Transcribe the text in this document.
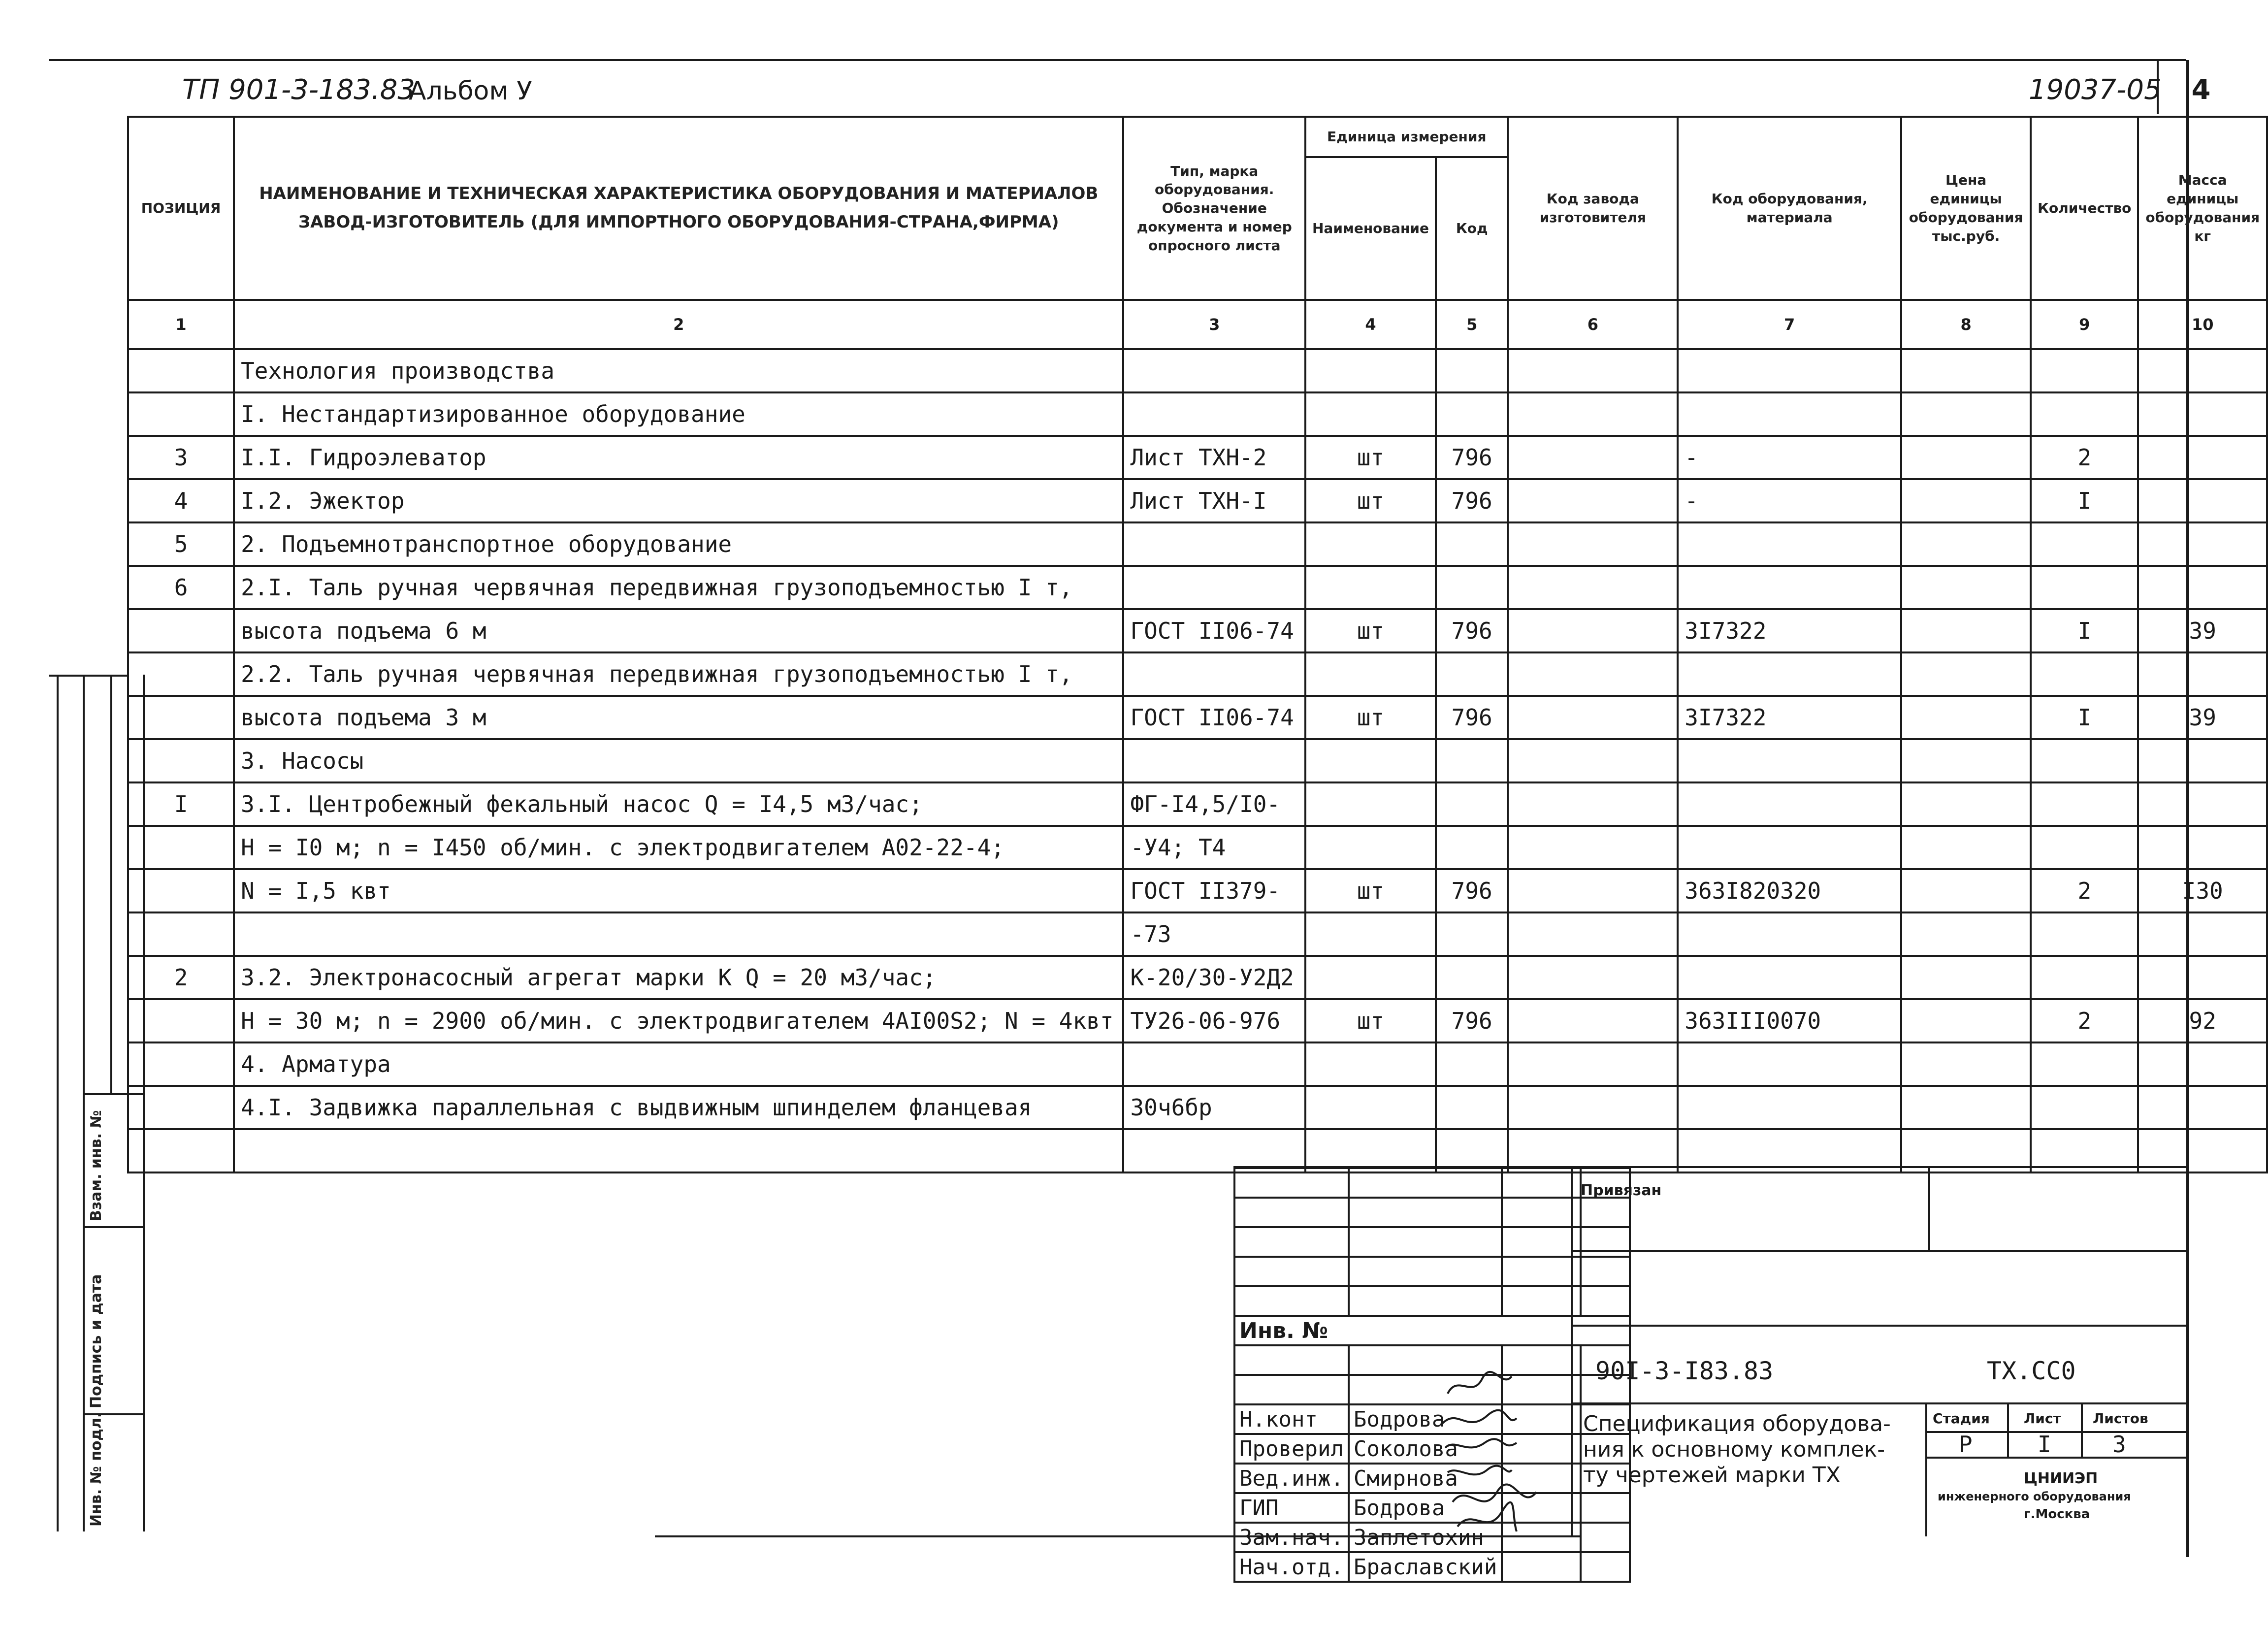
ТП 901-3-183.83
Альбом У	19037-05	4
ПОЗИЦИЯ	НАИМЕНОВАНИЕ И ТЕХНИЧЕСКАЯ ХАРАКТЕРИСТИКА ОБОРУДОВАНИЯ И МАТЕРИАЛОВ
ЗАВОД-ИЗГОТОВИТЕЛЬ (ДЛЯ ИМПОРТНОГО ОБОРУДОВАНИЯ-СТРАНА,ФИРМА)	Тип, марка оборудования. Обозначение документа и номер опросного листа	Единица измерения		Код завода изготовителя	Код оборудования, материала	Цена единицы оборудования тыс.руб.	Количество	Масса единицы оборудования кг
			Наименование	Код					
1	2	3	4	5	6	7	8	9	10
	Технология производства								
	I. Нестандартизированное оборудование								
3	I.I. Гидроэлеватор	Лист ТХН-2	шт	796		-		2	
4	I.2. Эжектор	Лист ТХН-I	шт	796		-		I	
5	2. Подъемнотранспортное оборудование								
6	2.I. Таль ручная червячная передвижная грузоподъемностью I т,								
	высота подъема 6 м	ГОСТ II06-74	шт	796		3I7322		I	39
	2.2. Таль ручная червячная передвижная грузоподъемностью I т,								
	высота подъема 3 м	ГОСТ II06-74	шт	796		3I7322		I	39
	3. Насосы								
I	3.I. Центробежный фекальный насос Q = I4,5 м3/час;	ФГ-I4,5/I0-							
	Н = I0 м; n = I450 об/мин. с электродвигателем А02-22-4;	-У4; Т4							
	N = I,5 квт	ГОСТ II379-	шт	796		363I820320		2	I30
		-73							
2	3.2. Электронасосный агрегат марки К Q = 20 м3/час;	К-20/30-У2Д2							
	Н = 30 м; n = 2900 об/мин. с электродвигателем 4АI00S2; N = 4квт	ТУ26-06-976	шт	796		363III0070		2	92
	4. Арматура								
	4.I. Задвижка параллельная с выдвижным шпинделем фланцевая	30ч6бр							

Взам. инв. №
Подпись и дата
Инв. № подл.

Инв. №			

Н.конт	Бодрова		
Проверил	Соколова		
Вед.инж.	Смирнова		
ГИП	Бодрова		
Зам.нач.	Заплетохин		
Нач.отд.	Браславский		
Привязан
90I-3-I83.83	ТХ.СС0
Спецификация оборудова-
ния к основному комплек-
ту чертежей марки ТХ
Стадия Лист Листов
Р	I	3
ЦНИИЭП
инженерного оборудования
г.Москва
